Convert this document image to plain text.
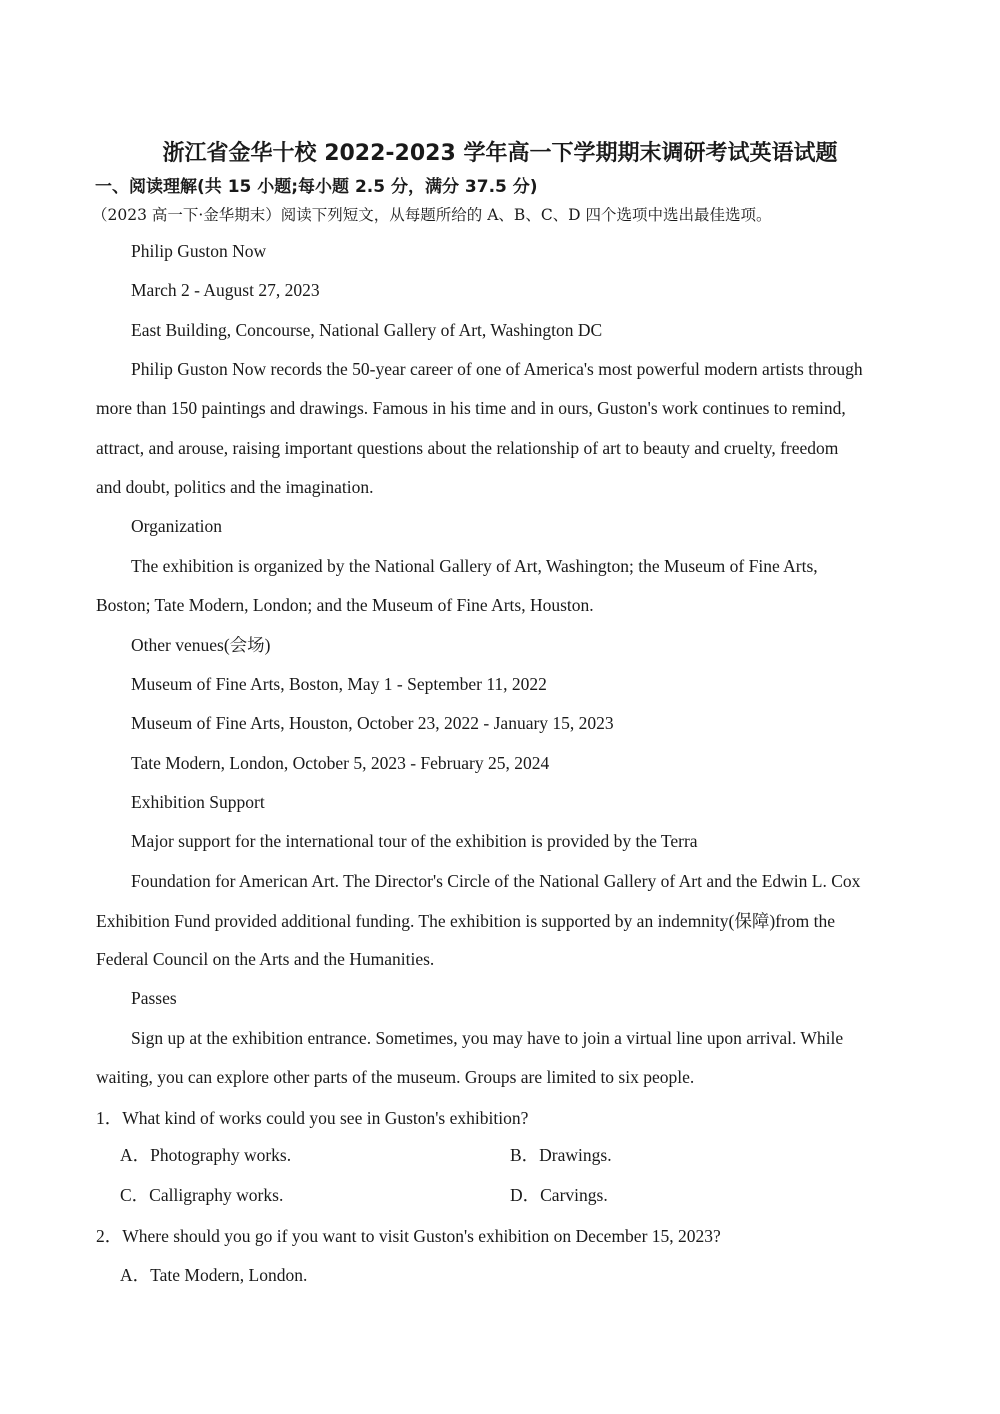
浙江省金华十校 2022-2023 学年高一下学期期末调研考试英语试题
一、阅读理解(共 15 小题;每小题 2.5 分，满分 37.5 分)
（2023 高一下·金华期末）阅读下列短文，从每题所给的 A、B、C、D 四个选项中选出最佳选项。
Philip Guston Now
March 2 - August 27, 2023
East Building, Concourse, National Gallery of Art, Washington DC
Philip Guston Now records the 50-year career of one of America's most powerful modern artists through
more than 150 paintings and drawings. Famous in his time and in ours, Guston's work continues to remind,
attract, and arouse, raising important questions about the relationship of art to beauty and cruelty, freedom
and doubt, politics and the imagination.
Organization
The exhibition is organized by the National Gallery of Art, Washington; the Museum of Fine Arts,
Boston; Tate Modern, London; and the Museum of Fine Arts, Houston.
Other venues(会场)
Museum of Fine Arts, Boston, May 1 - September 11, 2022
Museum of Fine Arts, Houston, October 23, 2022 - January 15, 2023
Tate Modern, London, October 5, 2023 - February 25, 2024
Exhibition Support
Major support for the international tour of the exhibition is provided by the Terra
Foundation for American Art. The Director's Circle of the National Gallery of Art and the Edwin L. Cox
Exhibition Fund provided additional funding. The exhibition is supported by an indemnity(保障)from the
Federal Council on the Arts and the Humanities.
Passes
Sign up at the exhibition entrance. Sometimes, you may have to join a virtual line upon arrival. While
waiting, you can explore other parts of the museum. Groups are limited to six people.
1．What kind of works could you see in Guston's exhibition?
A．Photography works.	B．Drawings.
C．Calligraphy works.	D．Carvings.
2．Where should you go if you want to visit Guston's exhibition on December 15, 2023?
A．Tate Modern, London.
